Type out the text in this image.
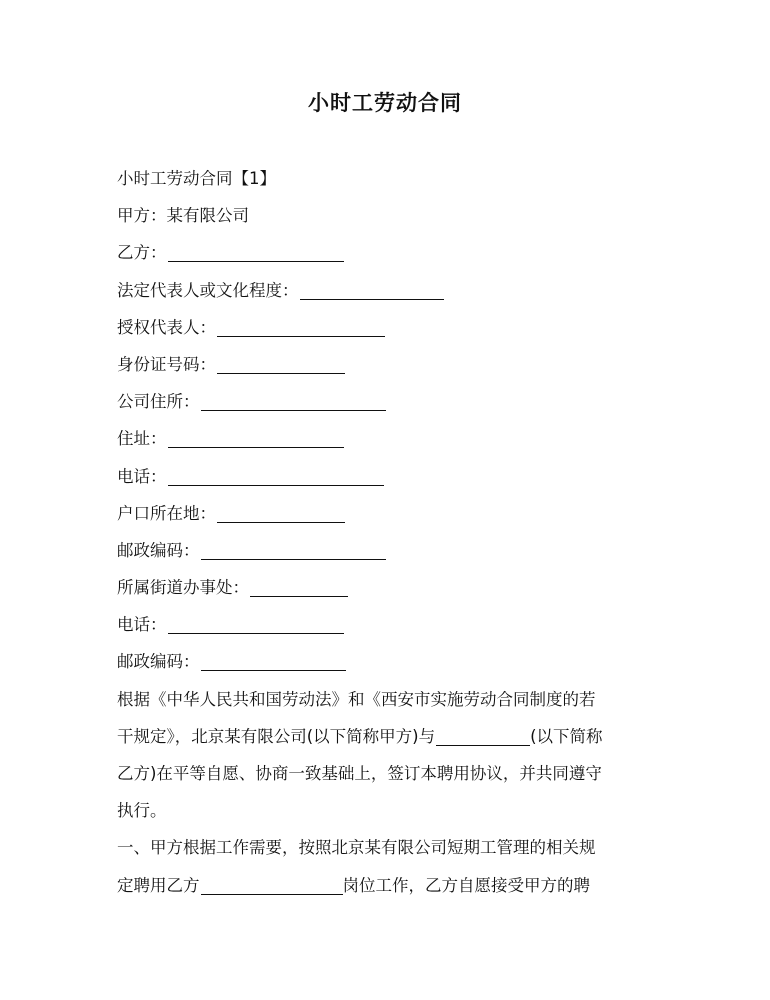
小时工劳动合同
小时工劳动合同【1】
甲方：某有限公司
乙方：
法定代表人或文化程度：
授权代表人：
身份证号码：
公司住所：
住址：
电话：
户口所在地：
邮政编码：
所属街道办事处：
电话：
邮政编码：
根据《中华人民共和国劳动法》和《西安市实施劳动合同制度的若
干规定》，北京某有限公司(以下简称甲方)与	(以下简称
乙方)在平等自愿、协商一致基础上，签订本聘用协议，并共同遵守
执行。
一、甲方根据工作需要，按照北京某有限公司短期工管理的相关规
定聘用乙方	岗位工作，乙方自愿接受甲方的聘
